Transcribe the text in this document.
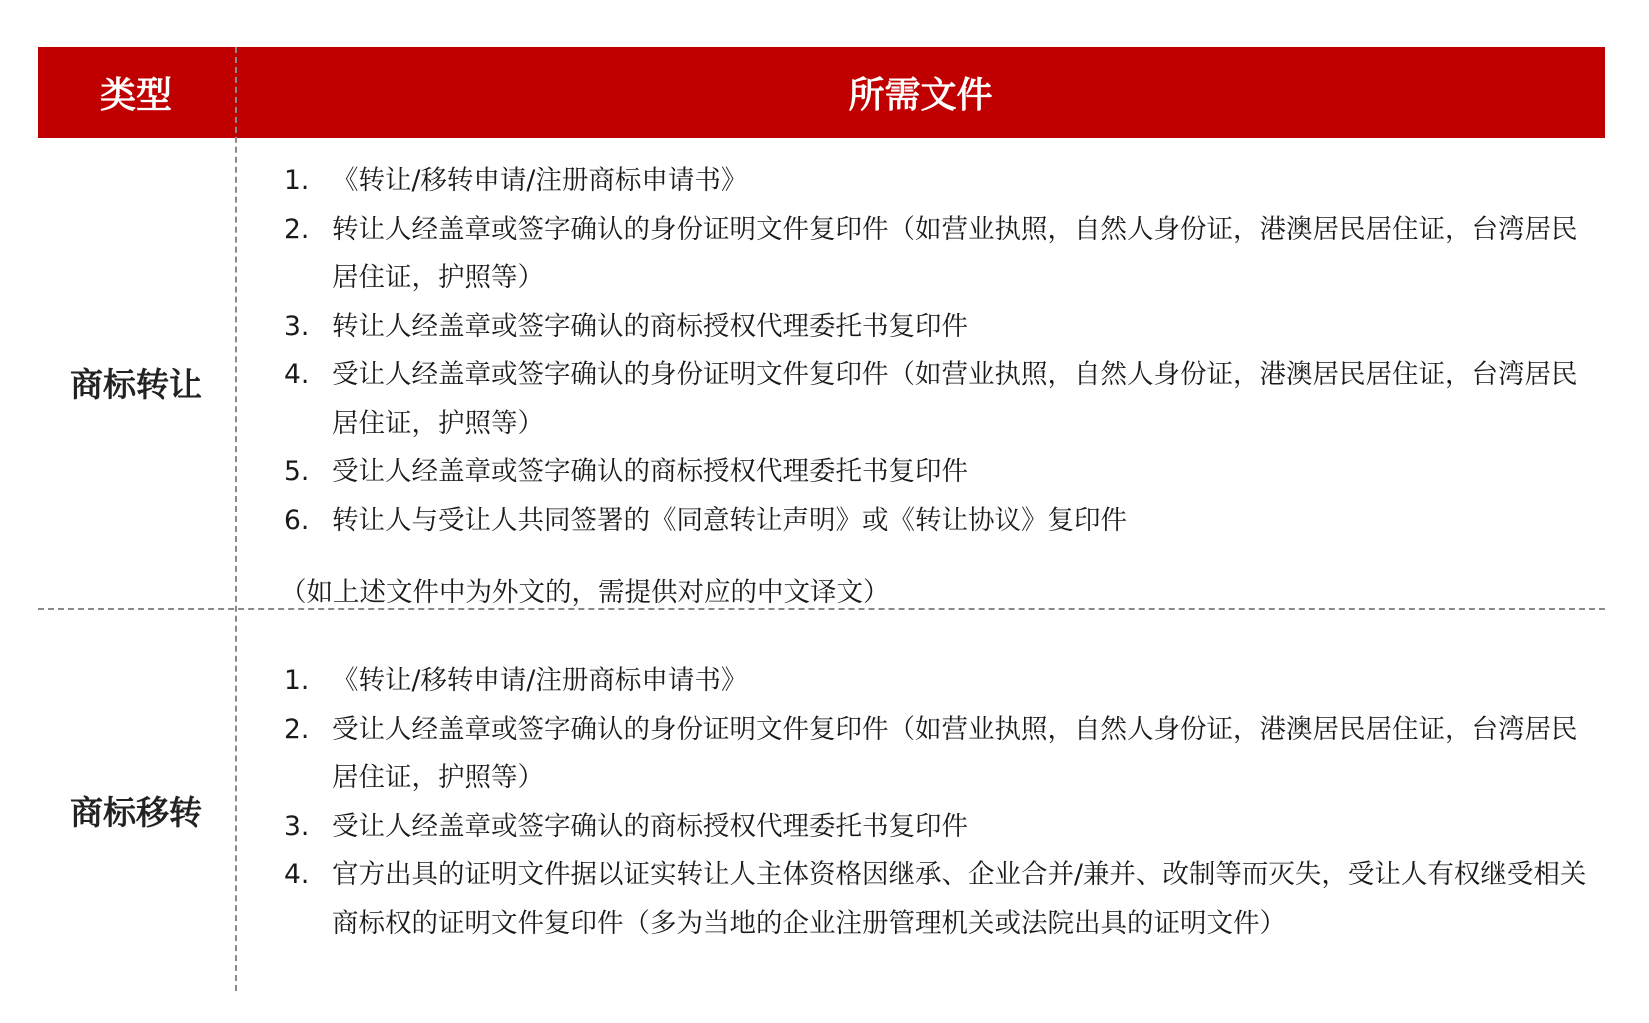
类型	所需文件
商标转让
1. 《转让/移转申请/注册商标申请书》
2. 转让人经盖章或签字确认的身份证明文件复印件（如营业执照，自然人身份证，港澳居民居住证，台湾居民居住证，护照等）
3. 转让人经盖章或签字确认的商标授权代理委托书复印件
4. 受让人经盖章或签字确认的身份证明文件复印件（如营业执照，自然人身份证，港澳居民居住证，台湾居民居住证，护照等）
5. 受让人经盖章或签字确认的商标授权代理委托书复印件
6. 转让人与受让人共同签署的《同意转让声明》或《转让协议》复印件
（如上述文件中为外文的，需提供对应的中文译文）
商标移转
1. 《转让/移转申请/注册商标申请书》
2. 受让人经盖章或签字确认的身份证明文件复印件（如营业执照，自然人身份证，港澳居民居住证，台湾居民居住证，护照等）
3. 受让人经盖章或签字确认的商标授权代理委托书复印件
4. 官方出具的证明文件据以证实转让人主体资格因继承、企业合并/兼并、改制等而灭失，受让人有权继受相关商标权的证明文件复印件（多为当地的企业注册管理机关或法院出具的证明文件）
